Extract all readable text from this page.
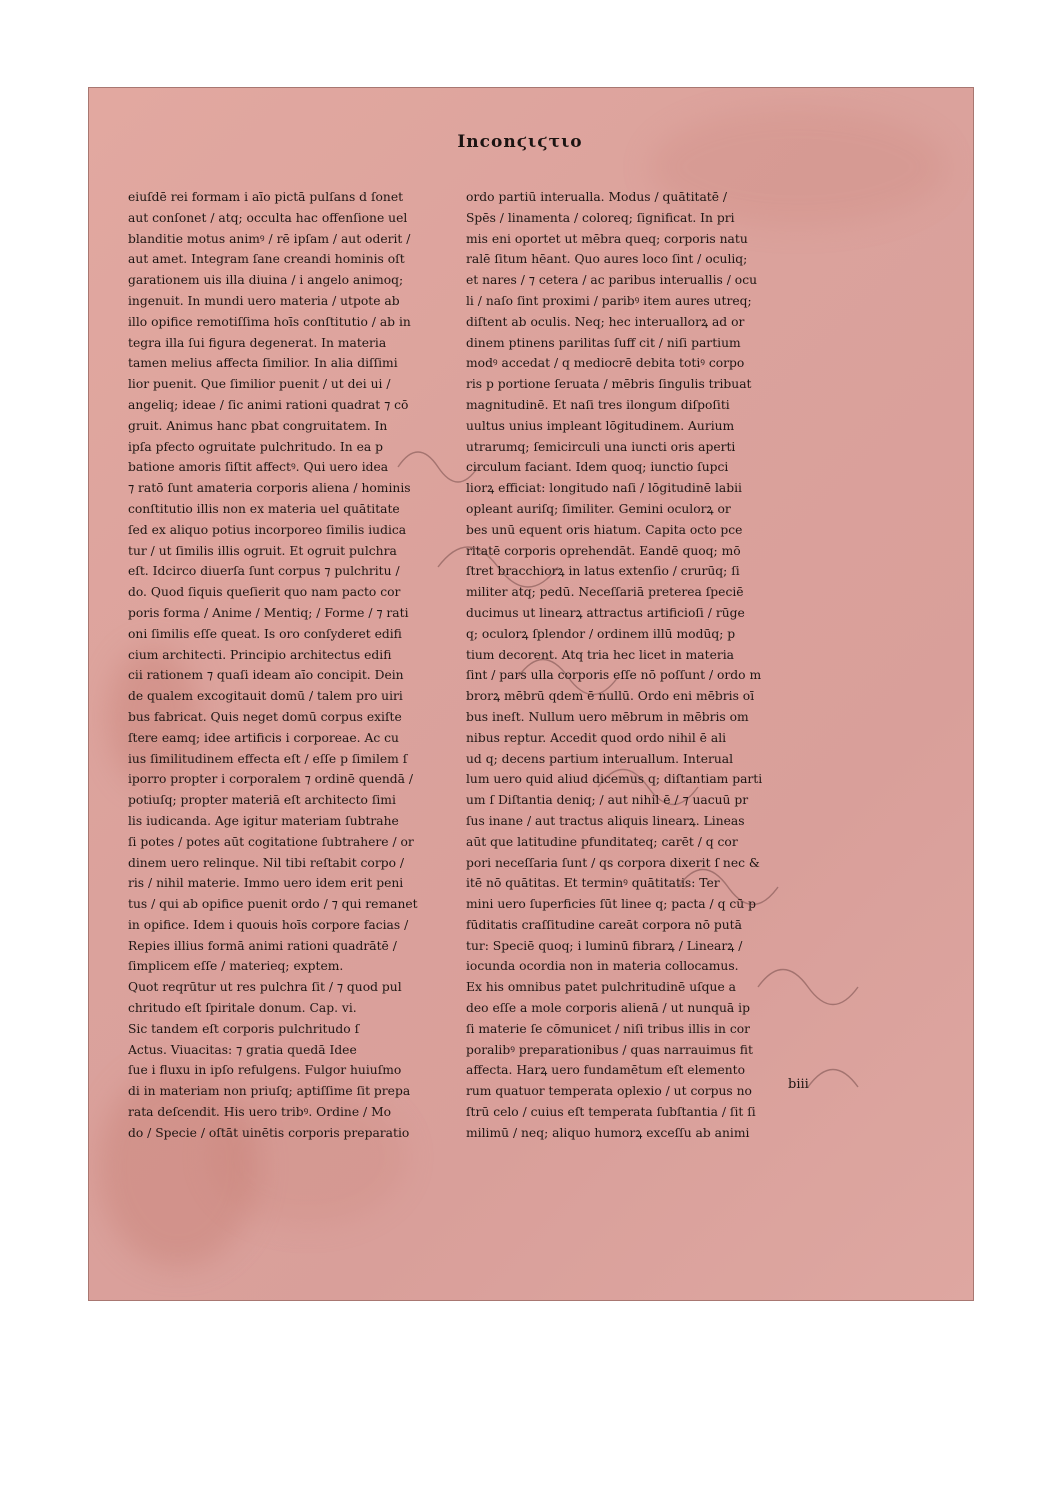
Ιnϲonϛιϛτιο
eiuſdē rei formam i aīo pictā pulſans d ſonet
aut conſonet / atq; occulta hac offenſione uel
blanditie motus animꝰ / rē ipſam / aut oderit /
aut amet. Integram ſane creandi hominis oſt
garationem uis illa diuina / i angelo animoq;
ingenuit. In mundi uero materia / utpote ab
illo opifice remotiſſima hoīs conſtitutio / ab in
tegra illa ſui figura degenerat. In materia
tamen melius affecta ſimilior. In alia diſſimi
lior puenit. Que ſimilior puenit / ut dei ui /
angeliq; ideae / ſic animi rationi quadrat ⁊ cō
gruit. Animus hanc pbat congruitatem. In
ipſa pfecto ogruitate pulchritudo. In ea p
batione amoris ſiſtit affectꝰ. Qui uero idea
⁊ ratō ſunt amateria corporis aliena / hominis
conſtitutio illis non ex materia uel quātitate
ſed ex aliquo potius incorporeo ſimilis iudica
tur / ut ſimilis illis ogruit. Et ogruit pulchra
eſt. Idcirco diuerſa ſunt corpus ⁊ pulchritu /
do. Quod ſiquis queſierit quo nam pacto cor
poris forma / Anime / Mentiq; / Forme / ⁊ rati
oni ſimilis eſſe queat. Is oro conſyderet edifi
cium architecti. Principio architectus edifi
cii rationem ⁊ quaſi ideam aīo concipit. Dein
de qualem excogitauit domū / talem pro uiri
bus fabricat. Quis neget domū corpus exiſte
ſtere eamq; idee artificis i corporeae. Ac cu
ius ſimilitudinem effecta eſt / eſſe p ſimilem ſ
iporro propter i corporalem ⁊ ordinē quendā /
potiuſq; propter materiā eſt architecto ſimi
lis iudicanda. Age igitur materiam ſubtrahe
ſi potes / potes aūt cogitatione ſubtrahere / or
dinem uero relinque. Nil tibi reſtabit corpo /
ris / nihil materie. Immo uero idem erit peni
tus / qui ab opifice puenit ordo / ⁊ qui remanet
in opifice. Idem i quouis hoīs corpore facias /
Repies illius formā animi rationi quadrātē /
ſimplicem eſſe / materieq; exptem.
Quot reqrūtur ut res pulchra ſit / ⁊ quod pul
chritudo eſt ſpiritale donum. Cap. vi.
Sic tandem eſt corporis pulchritudo ſ
Actus. Viuacitas: ⁊ gratia quedā Idee
ſue i fluxu in ipſo refulgens. Fulgor huiuſmo
di in materiam non priuſq; aptiſſime ſit prepa
rata deſcendit. His uero tribꝰ. Ordine / Mo
do / Specie / oſtāt uinētis corporis preparatio
ordo partiū interualla. Modus / quātitatē /
Spēs / linamenta / coloreq; ſignificat. In pri
mis eni oportet ut mēbra queq; corporis natu
ralē ſitum hēant. Quo aures loco ſint / oculiq;
et nares / ⁊ cetera / ac paribus interuallis / ocu
li / naſo ſint proximi / paribꝰ item aures utreq;
diſtent ab oculis. Neq; hec interuallorꝝ ad or
dinem ptinens parilitas ſuff cit / niſi partium
modꝰ accedat / q mediocrē debita totiꝰ corpo
ris p portione ſeruata / mēbris ſingulis tribuat
magnitudinē. Et naſi tres ilongum diſpoſiti
uultus unius impleant lōgitudinem. Aurium
utrarumq; ſemicirculi una iuncti oris aperti
circulum faciant. Idem quoq; iunctio ſupci
liorꝝ efficiat: longitudo naſi / lōgitudinē labii
opleant auriſq; ſimiliter. Gemini oculorꝝ or
bes unū equent oris hiatum. Capita octo pce
ritatē corporis oprehendāt. Eandē quoq; mō
ſtret bracchiorꝝ in latus extenſio / crurūq; ſi
militer atq; pedū. Neceſſariā preterea ſpeciē
ducimus ut linearꝝ attractus artificioſi / rūge
q; oculorꝝ ſplendor / ordinem illū modūq; p
tium decorent. Atq tria hec licet in materia
ſint / pars ulla corporis eſſe nō poſſunt / ordo m
brorꝝ mēbrū qdem ē nullū. Ordo eni mēbris oī
bus ineſt. Nullum uero mēbrum in mēbris om
nibus reptur. Accedit quod ordo nihil ē ali
ud q; decens partium interuallum. Interual
lum uero quid aliud dicemus q; diſtantiam parti
um ſ Diſtantia deniq; / aut nihil ē / ⁊ uacuū pr
ſus inane / aut tractus aliquis linearꝝ. Lineas
aūt que latitudine pfunditateq; carēt / q cor
pori neceſſaria ſunt / qs corpora dixerit ſ nec &
itē nō quātitas. Et terminꝰ quātitatis: Ter
mini uero ſuperficies ſūt linee q; pacta / q cū p
fūditatis craſſitudine careāt corpora nō putā
tur: Speciē quoq; i luminū fibrarꝝ / Linearꝝ /
iocunda ocordia non in materia collocamus.
Ex his omnibus patet pulchritudinē uſque a
deo eſſe a mole corporis alienā / ut nunquā ip
ſi materie ſe cōmunicet / niſi tribus illis in cor
poralibꝰ preparationibus / quas narrauimus fit
affecta. Harꝝ uero fundamētum eſt elemento
rum quatuor temperata oplexio / ut corpus no
ſtrū celo / cuius eſt temperata ſubſtantia / ſit ſi
milimū / neq; aliquo humorꝝ exceſſu ab animi
biii
